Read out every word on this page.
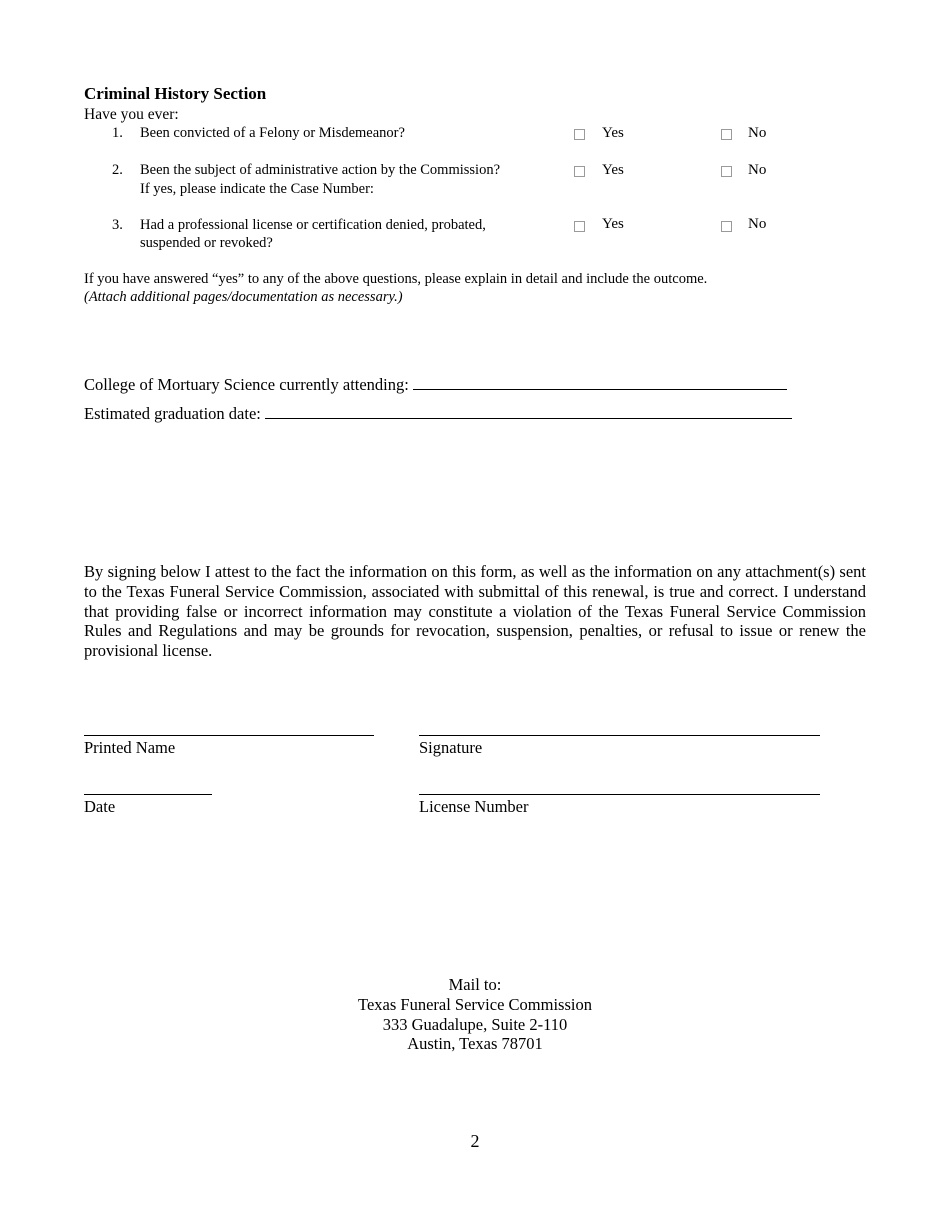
Criminal History Section
Have you ever:
1. Been convicted of a Felony or Misdemeanor?	Yes	No
2. Been the subject of administrative action by the Commission?
If yes, please indicate the Case Number:
Yes	No
3. Had a professional license or certification denied, probated,
suspended or revoked?
Yes	No
If you have answered “yes” to any of the above questions, please explain in detail and include the outcome.
(Attach additional pages/documentation as necessary.)
College of Mortuary Science currently attending:
Estimated graduation date:
By signing below I attest to the fact the information on this form, as well as the information on any attachment(s) sent to the Texas Funeral Service Commission, associated with submittal of this renewal, is true and correct. I understand that providing false or incorrect information may constitute a violation of the Texas Funeral Service Commission Rules and Regulations and may be grounds for revocation, suspension, penalties, or refusal to issue or renew the provisional license.
Printed Name	Signature
Date	License Number
Mail to:
Texas Funeral Service Commission
333 Guadalupe, Suite 2-110
Austin, Texas 78701
2
